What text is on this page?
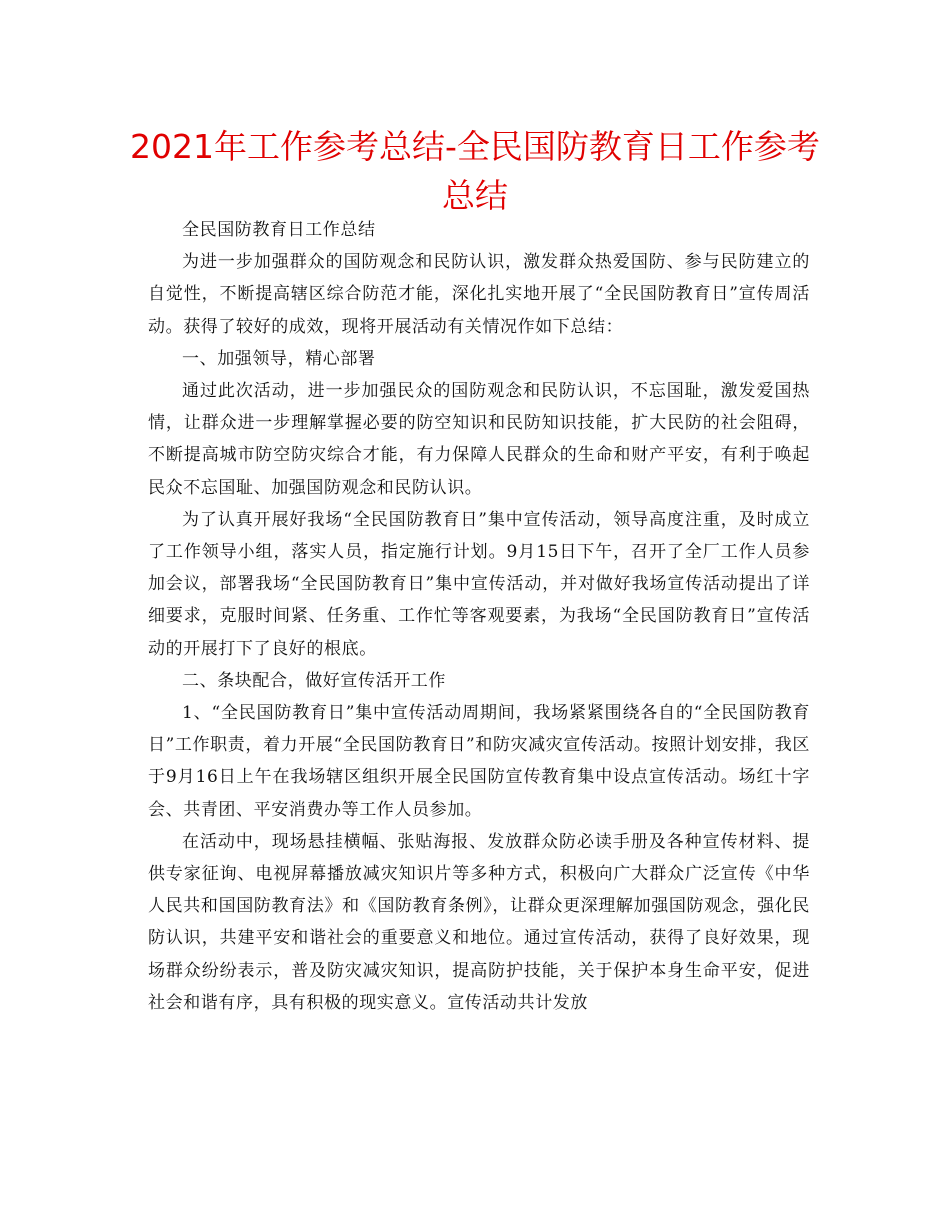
2021年工作参考总结-全民国防教育日工作参考总结

全民国防教育日工作总结

为进一步加强群众的国防观念和民防认识，激发群众热爱国防、参与民防建立的自觉性，不断提高辖区综合防范才能，深化扎实地开展了“全民国防教育日”宣传周活动。获得了较好的成效，现将开展活动有关情况作如下总结：

一、加强领导，精心部署

通过此次活动，进一步加强民众的国防观念和民防认识，不忘国耻，激发爱国热情，让群众进一步理解掌握必要的防空知识和民防知识技能，扩大民防的社会阻碍，不断提高城市防空防灾综合才能，有力保障人民群众的生命和财产平安，有利于唤起民众不忘国耻、加强国防观念和民防认识。

为了认真开展好我场“全民国防教育日”集中宣传活动，领导高度注重，及时成立了工作领导小组，落实人员，指定施行计划。9月15日下午，召开了全厂工作人员参加会议，部署我场“全民国防教育日”集中宣传活动，并对做好我场宣传活动提出了详细要求，克服时间紧、任务重、工作忙等客观要素，为我场“全民国防教育日”宣传活动的开展打下了良好的根底。

二、条块配合，做好宣传活开工作

1、“全民国防教育日”集中宣传活动周期间，我场紧紧围绕各自的“全民国防教育日”工作职责，着力开展“全民国防教育日”和防灾减灾宣传活动。按照计划安排，我区于9月16日上午在我场辖区组织开展全民国防宣传教育集中设点宣传活动。场红十字会、共青团、平安消费办等工作人员参加。

在活动中，现场悬挂横幅、张贴海报、发放群众防必读手册及各种宣传材料、提供专家征询、电视屏幕播放减灾知识片等多种方式，积极向广大群众广泛宣传《中华人民共和国国防教育法》和《国防教育条例》，让群众更深理解加强国防观念，强化民防认识，共建平安和谐社会的重要意义和地位。通过宣传活动，获得了良好效果，现场群众纷纷表示，普及防灾减灾知识，提高防护技能，关于保护本身生命平安，促进社会和谐有序，具有积极的现实意义。宣传活动共计发放
